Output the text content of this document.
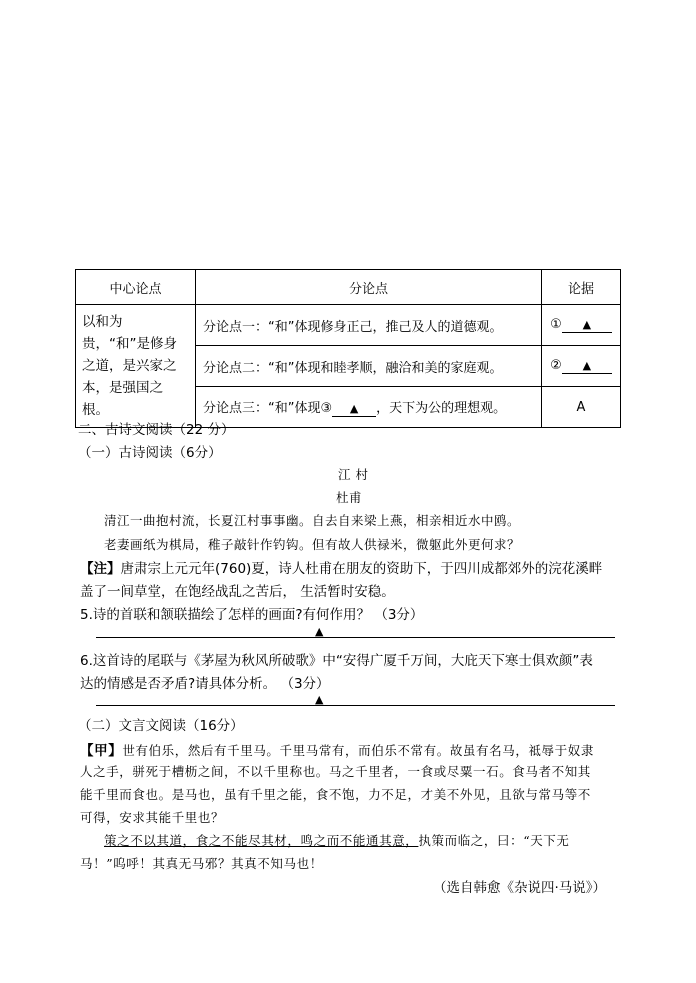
中心论点	分论点	论据
以和为贵，“和”是修身之道，是兴家之本，是强国之根。	分论点一：“和”体现修身正己，推己及人的道德观。	① ▲
	分论点二：“和”体现和睦孝顺，融洽和美的家庭观。	② ▲
	分论点三：“和”体现③ ▲ ，天下为公的理想观。	A
二、古诗文阅读（22 分）
（一）古诗阅读（6分）
江 村
杜甫
清江一曲抱村流，长夏江村事事幽。自去自来梁上燕，相亲相近水中鸥。
老妻画纸为棋局，稚子敲针作钓钩。但有故人供禄米，微躯此外更何求？
【注】唐肃宗上元元年(760)夏，诗人杜甫在朋友的资助下，于四川成都郊外的浣花溪畔
盖了一间草堂，在饱经战乱之苦后， 生活暂时安稳。
5.诗的首联和颔联描绘了怎样的画面?有何作用？ （3分）
▲
6.这首诗的尾联与《茅屋为秋风所破歌》中“安得广厦千万间，大庇天下寒士俱欢颜”表
达的情感是否矛盾?请具体分析。 （3分）
▲
（二）文言文阅读（16分）
【甲】世有伯乐，然后有千里马。千里马常有，而伯乐不常有。故虽有名马，祗辱于奴隶
人之手，骈死于槽枥之间，不以千里称也。马之千里者，一食或尽粟一石。食马者不知其
能千里而食也。是马也，虽有千里之能，食不饱，力不足，才美不外见，且欲与常马等不
可得，安求其能千里也？
策之不以其道，食之不能尽其材，鸣之而不能通其意，执策而临之，曰：“天下无
马！”呜呼！其真无马邪？其真不知马也！
（选自韩愈《杂说四·马说》）
